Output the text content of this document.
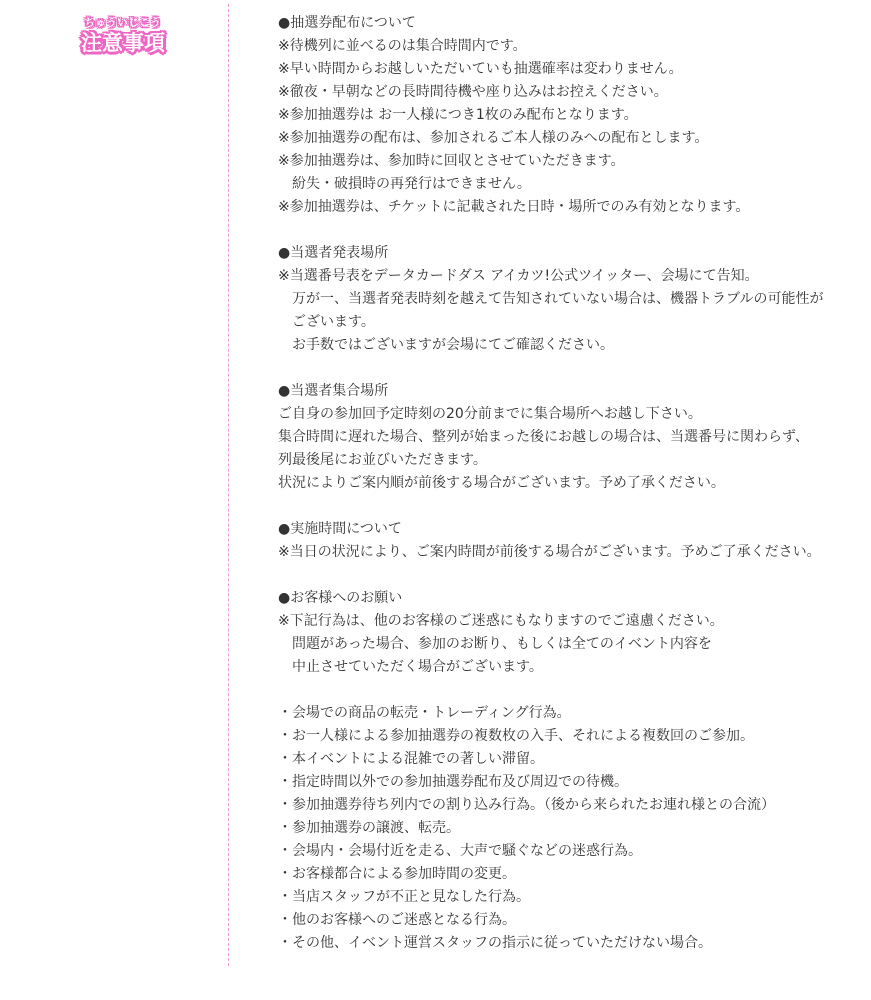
ちゅういじこう
注意事項
●抽選券配布について
※待機列に並べるのは集合時間内です。
※早い時間からお越しいただいていも抽選確率は変わりません。
※徹夜・早朝などの長時間待機や座り込みはお控えください。
※参加抽選券は お一人様につき1枚のみ配布となります。
※参加抽選券の配布は、参加されるご本人様のみへの配布とします。
※参加抽選券は、参加時に回収とさせていただきます。
紛失・破損時の再発行はできません。
※参加抽選券は、チケットに記載された日時・場所でのみ有効となります。
●当選者発表場所
※当選番号表をデータカードダス アイカツ!公式ツイッター、会場にて告知。
万が一、当選者発表時刻を越えて告知されていない場合は、機器トラブルの可能性が
ございます。
お手数ではございますが会場にてご確認ください。
●当選者集合場所
ご自身の参加回予定時刻の20分前までに集合場所へお越し下さい。
集合時間に遅れた場合、整列が始まった後にお越しの場合は、当選番号に関わらず、
列最後尾にお並びいただきます。
状況によりご案内順が前後する場合がございます。予め了承ください。
●実施時間について
※当日の状況により、ご案内時間が前後する場合がございます。予めご了承ください。
●お客様へのお願い
※下記行為は、他のお客様のご迷惑にもなりますのでご遠慮ください。
問題があった場合、参加のお断り、もしくは全てのイベント内容を
中止させていただく場合がございます。
・会場での商品の転売・トレーディング行為。
・お一人様による参加抽選券の複数枚の入手、それによる複数回のご参加。
・本イベントによる混雑での著しい滞留。
・指定時間以外での参加抽選券配布及び周辺での待機。
・参加抽選券待ち列内での割り込み行為。（後から来られたお連れ様との合流）
・参加抽選券の譲渡、転売。
・会場内・会場付近を走る、大声で騒ぐなどの迷惑行為。
・お客様都合による参加時間の変更。
・当店スタッフが不正と見なした行為。
・他のお客様へのご迷惑となる行為。
・その他、イベント運営スタッフの指示に従っていただけない場合。
